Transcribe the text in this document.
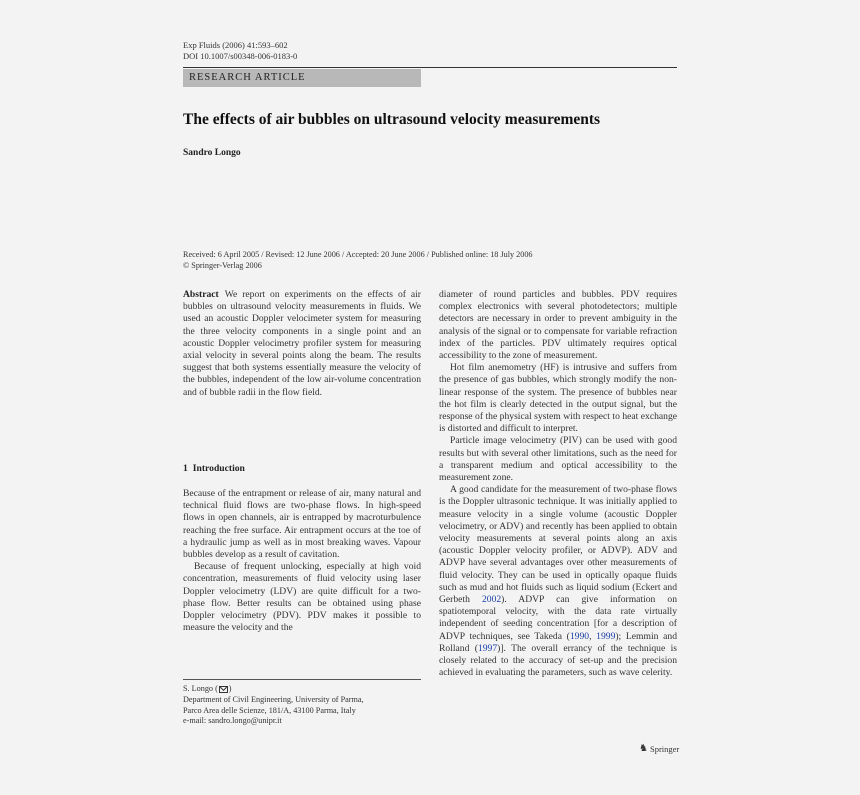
Exp Fluids (2006) 41:593–602
DOI 10.1007/s00348-006-0183-0
RESEARCH ARTICLE
The effects of air bubbles on ultrasound velocity measurements
Sandro Longo
Received: 6 April 2005 / Revised: 12 June 2006 / Accepted: 20 June 2006 / Published online: 18 July 2006
© Springer-Verlag 2006

Abstract We report on experiments on the effects of air bubbles on ultrasound velocity measurements in fluids. We used an acoustic Doppler velocimeter system for measuring the three velocity components in a single point and an acoustic Doppler velocimetry profiler system for measuring axial velocity in several points along the beam. The results suggest that both systems essentially measure the velocity of the bubbles, independent of the low air-volume concentration and of bubble radii in the flow field.

1 Introduction

Because of the entrapment or release of air, many natural and technical fluid flows are two-phase flows. In high-speed flows in open channels, air is entrapped by macroturbulence reaching the free surface. Air entrapment occurs at the toe of a hydraulic jump as well as in most breaking waves. Vapour bubbles develop as a result of cavitation.

Because of frequent unlocking, especially at high void concentration, measurements of fluid velocity using laser Doppler velocimetry (LDV) are quite difficult for a two-phase flow. Better results can be obtained using phase Doppler velocimetry (PDV). PDV makes it possible to measure the velocity and the

diameter of round particles and bubbles. PDV requires complex electronics with several photodetectors; multiple detectors are necessary in order to prevent ambiguity in the analysis of the signal or to compensate for variable refraction index of the particles. PDV ultimately requires optical accessibility to the zone of measurement.

Hot film anemometry (HF) is intrusive and suffers from the presence of gas bubbles, which strongly modify the non-linear response of the system. The presence of bubbles near the hot film is clearly detected in the output signal, but the response of the physical system with respect to heat exchange is distorted and difficult to interpret.

Particle image velocimetry (PIV) can be used with good results but with several other limitations, such as the need for a transparent medium and optical accessibility to the measurement zone.

A good candidate for the measurement of two-phase flows is the Doppler ultrasonic technique. It was initially applied to measure velocity in a single volume (acoustic Doppler velocimetry, or ADV) and recently has been applied to obtain velocity measurements at several points along an axis (acoustic Doppler velocity profiler, or ADVP). ADV and ADVP have several advantages over other measurements of fluid velocity. They can be used in optically opaque fluids such as mud and hot fluids such as liquid sodium (Eckert and Gerbeth 2002). ADVP can give information on spatiotemporal velocity, with the data rate virtually independent of seeding concentration [for a description of ADVP techniques, see Takeda (1990, 1999); Lemmin and Rolland (1997)]. The overall errancy of the technique is closely related to the accuracy of set-up and the precision achieved in evaluating the parameters, such as wave celerity.

S. Longo ( )
Department of Civil Engineering, University of Parma,
Parco Area delle Scienze, 181/A, 43100 Parma, Italy
e-mail: sandro.longo@unipr.it
♞ Springer
